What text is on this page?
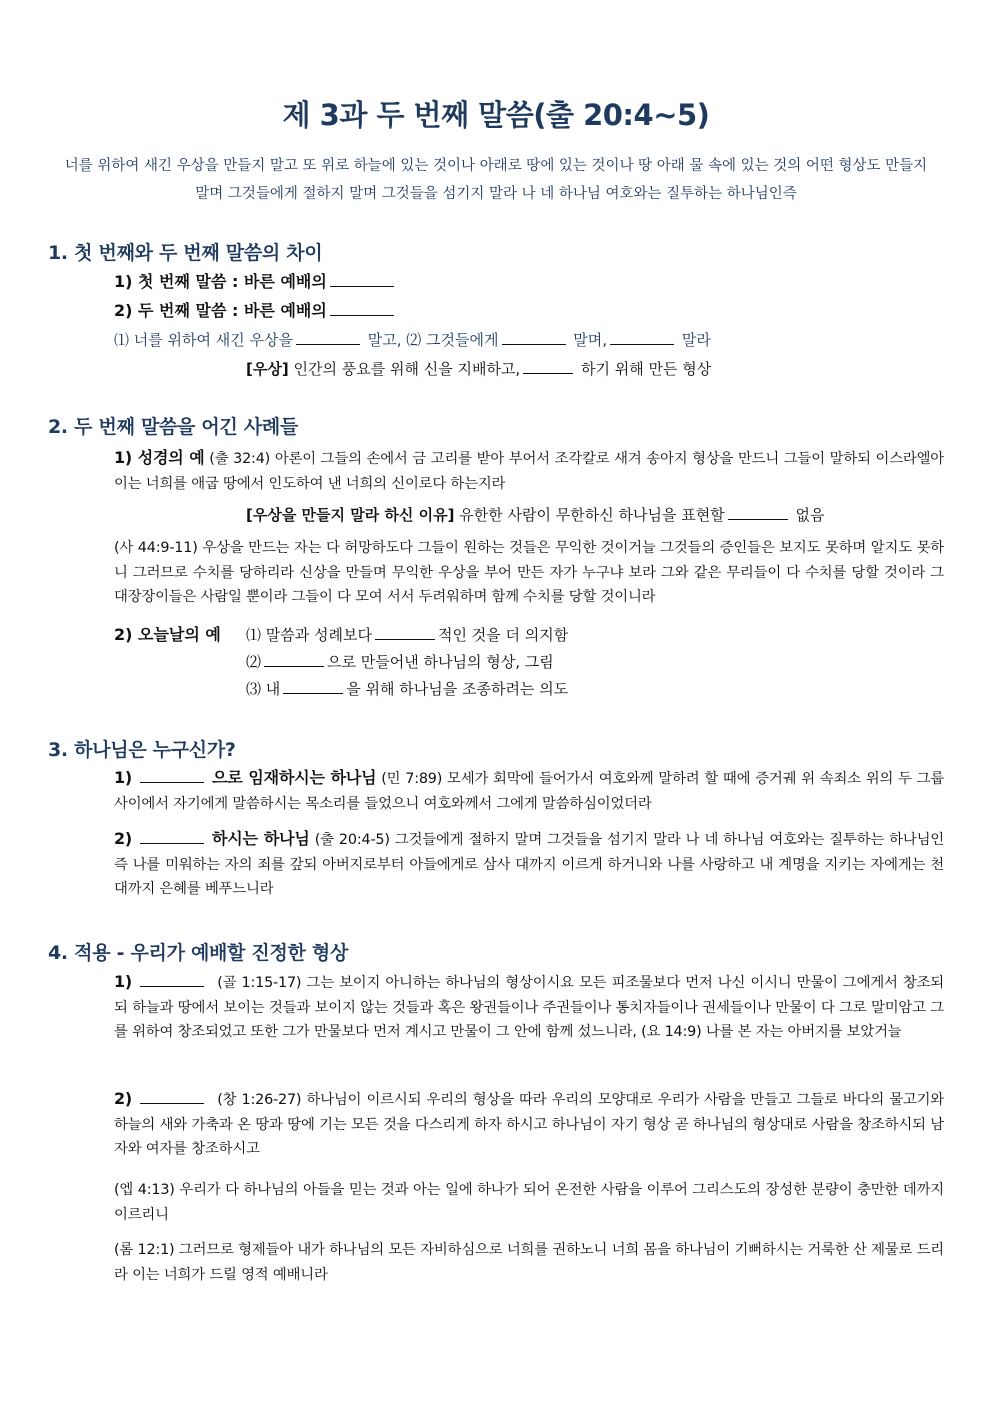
제 3과 두 번째 말씀(출 20:4~5)
너를 위하여 새긴 우상을 만들지 말고 또 위로 하늘에 있는 것이나 아래로 땅에 있는 것이나 땅 아래 물 속에 있는 것의 어떤 형상도 만들지
말며 그것들에게 절하지 말며 그것들을 섬기지 말라 나 네 하나님 여호와는 질투하는 하나님인즉
1. 첫 번째와 두 번째 말씀의 차이
1) 첫 번째 말씀 : 바른 예배의
2) 두 번째 말씀 : 바른 예배의
⑴ 너를 위하여 새긴 우상을	말고, ⑵ 그것들에게	말며,	말라
[우상] 인간의 풍요를 위해 신을 지배하고,	하기 위해 만든 형상
2. 두 번째 말씀을 어긴 사례들
1) 성경의 예 (출 32:4) 아론이 그들의 손에서 금 고리를 받아 부어서 조각칼로 새겨 송아지 형상을 만드니 그들이 말하되 이스라엘아 이는 너희를 애굽 땅에서 인도하여 낸 너희의 신이로다 하는지라
[우상을 만들지 말라 하신 이유] 유한한 사람이 무한하신 하나님을 표현할	없음
(사 44:9-11) 우상을 만드는 자는 다 허망하도다 그들이 원하는 것들은 무익한 것이거늘 그것들의 증인들은 보지도 못하며 알지도 못하니 그러므로 수치를 당하리라 신상을 만들며 무익한 우상을 부어 만든 자가 누구냐 보라 그와 같은 무리들이 다 수치를 당할 것이라 그 대장장이들은 사람일 뿐이라 그들이 다 모여 서서 두려워하며 함께 수치를 당할 것이니라
2) 오늘날의 예 ⑴ 말씀과 성례보다	적인 것을 더 의지함
⑵	으로 만들어낸 하나님의 형상, 그림
⑶ 내	을 위해 하나님을 조종하려는 의도
3. 하나님은 누구신가?
1)	으로 임재하시는 하나님 (민 7:89) 모세가 회막에 들어가서 여호와께 말하려 할 때에 증거궤 위 속죄소 위의 두 그룹 사이에서 자기에게 말씀하시는 목소리를 들었으니 여호와께서 그에게 말씀하심이었더라
2)	하시는 하나님 (출 20:4-5) 그것들에게 절하지 말며 그것들을 섬기지 말라 나 네 하나님 여호와는 질투하는 하나님인즉 나를 미워하는 자의 죄를 갚되 아버지로부터 아들에게로 삼사 대까지 이르게 하거니와 나를 사랑하고 내 계명을 지키는 자에게는 천 대까지 은혜를 베푸느니라
4. 적용 - 우리가 예배할 진정한 형상
1)	(골 1:15-17) 그는 보이지 아니하는 하나님의 형상이시요 모든 피조물보다 먼저 나신 이시니 만물이 그에게서 창조되되 하늘과 땅에서 보이는 것들과 보이지 않는 것들과 혹은 왕권들이나 주권들이나 통치자들이나 권세들이나 만물이 다 그로 말미암고 그를 위하여 창조되었고 또한 그가 만물보다 먼저 계시고 만물이 그 안에 함께 섰느니라, (요 14:9) 나를 본 자는 아버지를 보았거늘
2)	(창 1:26-27) 하나님이 이르시되 우리의 형상을 따라 우리의 모양대로 우리가 사람을 만들고 그들로 바다의 물고기와 하늘의 새와 가축과 온 땅과 땅에 기는 모든 것을 다스리게 하자 하시고 하나님이 자기 형상 곧 하나님의 형상대로 사람을 창조하시되 남자와 여자를 창조하시고
(엡 4:13) 우리가 다 하나님의 아들을 믿는 것과 아는 일에 하나가 되어 온전한 사람을 이루어 그리스도의 장성한 분량이 충만한 데까지 이르리니
(롬 12:1) 그러므로 형제들아 내가 하나님의 모든 자비하심으로 너희를 권하노니 너희 몸을 하나님이 기뻐하시는 거룩한 산 제물로 드리라 이는 너희가 드릴 영적 예배니라
